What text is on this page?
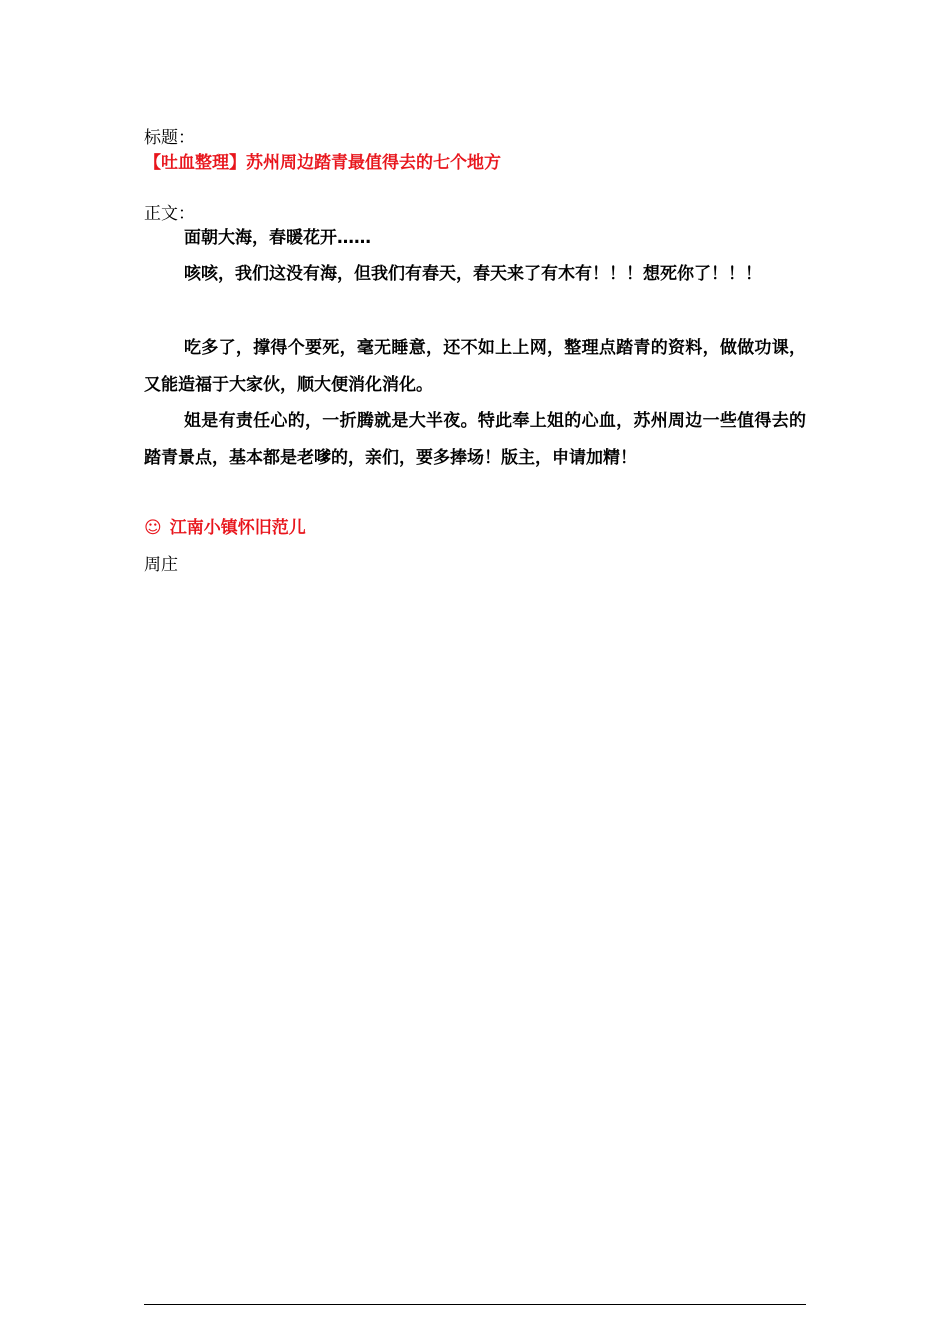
标题：
【吐血整理】苏州周边踏青最值得去的七个地方
正文：

面朝大海，春暖花开……

咳咳，我们这没有海，但我们有春天，春天来了有木有！！！想死你了！！！

吃多了，撑得个要死，毫无睡意，还不如上上网，整理点踏青的资料，做做功课，又能造福于大家伙，顺大便消化消化。

姐是有责任心的，一折腾就是大半夜。特此奉上姐的心血，苏州周边一些值得去的踏青景点，基本都是老嗲的，亲们，要多捧场！版主，申请加精！

☺ 江南小镇怀旧范儿
周庄
